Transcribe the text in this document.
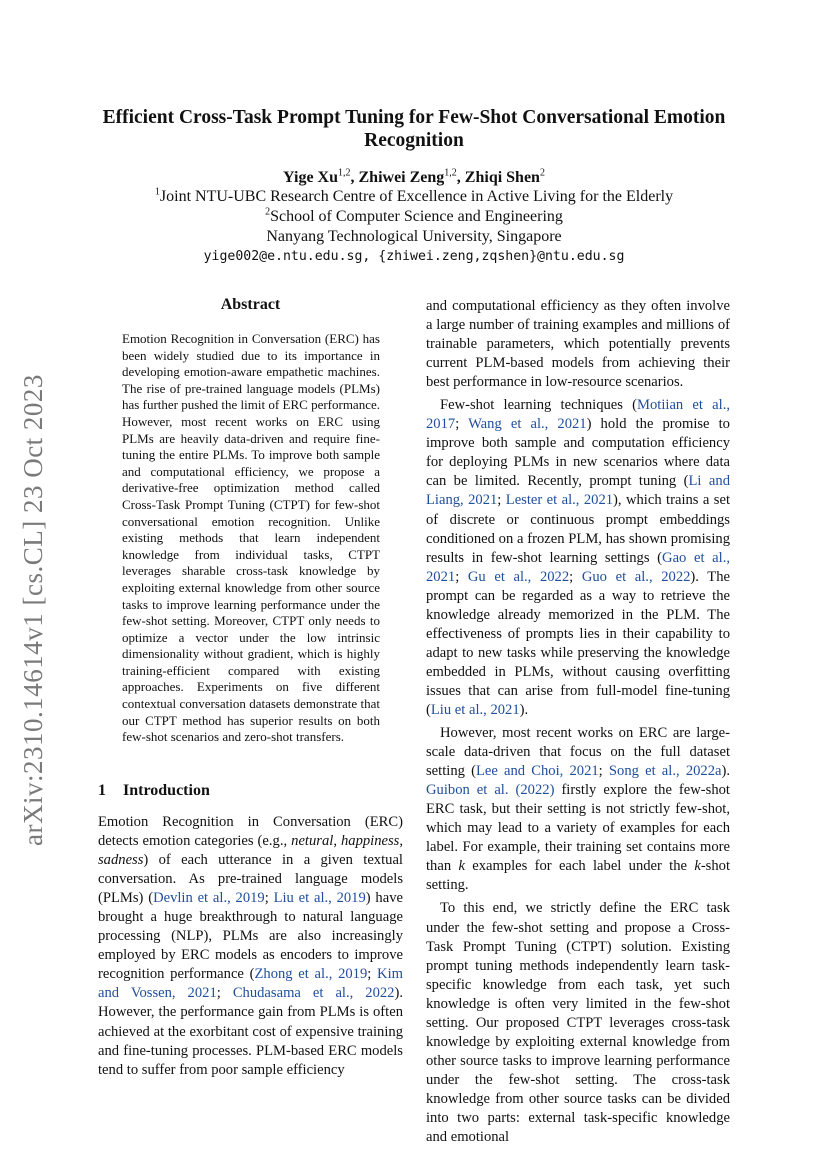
arXiv:2310.14614v1 [cs.CL] 23 Oct 2023
Efficient Cross-Task Prompt Tuning for Few-Shot Conversational Emotion Recognition
Yige Xu$^{1,2}$, Zhiwei Zeng$^{1,2}$, Zhiqi Shen$^2$
$^1$Joint NTU-UBC Research Centre of Excellence in Active Living for the Elderly
$^2$School of Computer Science and Engineering
Nanyang Technological University, Singapore
yige002@e.ntu.edu.sg, {zhiwei.zeng,zqshen}@ntu.edu.sg
Abstract
Emotion Recognition in Conversation (ERC) has been widely studied due to its importance in developing emotion-aware empathetic machines. The rise of pre-trained language models (PLMs) has further pushed the limit of ERC performance. However, most recent works on ERC using PLMs are heavily data-driven and require fine-tuning the entire PLMs. To improve both sample and computational efficiency, we propose a derivative-free optimization method called Cross-Task Prompt Tuning (CTPT) for few-shot conversational emotion recognition. Unlike existing methods that learn independent knowledge from individual tasks, CTPT leverages sharable cross-task knowledge by exploiting external knowledge from other source tasks to improve learning performance under the few-shot setting. Moreover, CTPT only needs to optimize a vector under the low intrinsic dimensionality without gradient, which is highly training-efficient compared with existing approaches. Experiments on five different contextual conversation datasets demonstrate that our CTPT method has superior results on both few-shot scenarios and zero-shot transfers.
1 Introduction

Emotion Recognition in Conversation (ERC) detects emotion categories (e.g., netural, happiness, sadness) of each utterance in a given textual conversation. As pre-trained language models (PLMs) (Devlin et al., 2019; Liu et al., 2019) have brought a huge breakthrough to natural language processing (NLP), PLMs are also increasingly employed by ERC models as encoders to improve recognition performance (Zhong et al., 2019; Kim and Vossen, 2021; Chudasama et al., 2022). However, the performance gain from PLMs is often achieved at the exorbitant cost of expensive training and fine-tuning processes. PLM-based ERC models tend to suffer from poor sample efficiency

and computational efficiency as they often involve a large number of training examples and millions of trainable parameters, which potentially prevents current PLM-based models from achieving their best performance in low-resource scenarios.

Few-shot learning techniques (Motiian et al., 2017; Wang et al., 2021) hold the promise to improve both sample and computation efficiency for deploying PLMs in new scenarios where data can be limited. Recently, prompt tuning (Li and Liang, 2021; Lester et al., 2021), which trains a set of discrete or continuous prompt embeddings conditioned on a frozen PLM, has shown promising results in few-shot learning settings (Gao et al., 2021; Gu et al., 2022; Guo et al., 2022). The prompt can be regarded as a way to retrieve the knowledge already memorized in the PLM. The effectiveness of prompts lies in their capability to adapt to new tasks while preserving the knowledge embedded in PLMs, without causing overfitting issues that can arise from full-model fine-tuning (Liu et al., 2021).

However, most recent works on ERC are large-scale data-driven that focus on the full dataset setting (Lee and Choi, 2021; Song et al., 2022a). Guibon et al. (2022) firstly explore the few-shot ERC task, but their setting is not strictly few-shot, which may lead to a variety of examples for each label. For example, their training set contains more than k examples for each label under the k-shot setting.

To this end, we strictly define the ERC task under the few-shot setting and propose a Cross-Task Prompt Tuning (CTPT) solution. Existing prompt tuning methods independently learn task-specific knowledge from each task, yet such knowledge is often very limited in the few-shot setting. Our proposed CTPT leverages cross-task knowledge by exploiting external knowledge from other source tasks to improve learning performance under the few-shot setting. The cross-task knowledge from other source tasks can be divided into two parts: external task-specific knowledge and emotional
